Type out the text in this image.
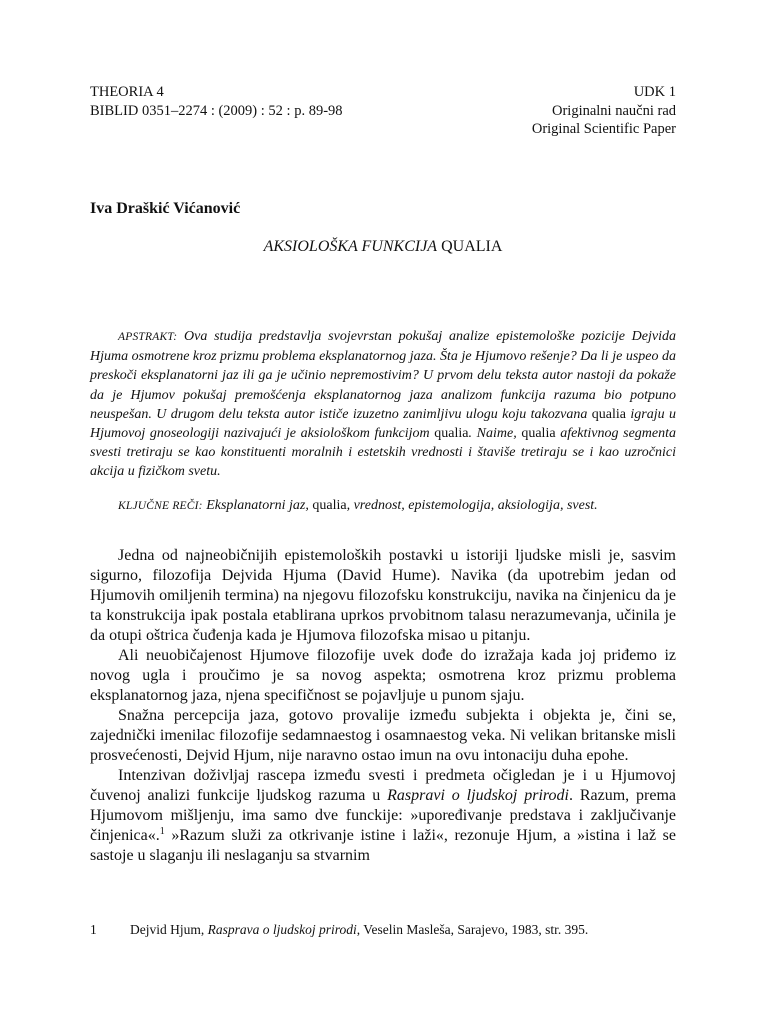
THEORIA 4
BIBLID 0351–2274 : (2009) : 52 : p. 89-98
UDK 1
Originalni naučni rad
Original Scientific Paper
Iva Draškić Vićanović
AKSIOLOŠKA FUNKCIJA QUALIA
APSTRAKT: Ova studija predstavlja svojevrstan pokušaj analize epistemološke pozicije Dejvida Hjuma osmotrene kroz prizmu problema eksplanatornog jaza. Šta je Hjumovo rešenje? Da li je uspeo da preskoči eksplanatorni jaz ili ga je učinio nepremostivim? U prvom delu teksta autor nastoji da pokaže da je Hjumov pokušaj premošćenja eksplanatornog jaza analizom funkcija razuma bio potpuno neuspešan. U drugom delu teksta autor ističe izuzetno zanimljivu ulogu koju takozvana qualia igraju u Hjumovoj gnoseologiji nazivajući je aksiološkom funkcijom qualia. Naime, qualia afektivnog segmenta svesti tretiraju se kao konstituenti moralnih i estetskih vrednosti i štaviše tretiraju se i kao uzročnici akcija u fizičkom svetu.
KLJUČNE REČI: Eksplanatorni jaz, qualia, vrednost, epistemologija, aksiologija, svest.

Jedna od najneobičnijih epistemoloških postavki u istoriji ljudske misli je, sasvim sigurno, filozofija Dejvida Hjuma (David Hume). Navika (da upotrebim jedan od Hjumovih omiljenih termina) na njegovu filozofsku konstrukciju, navika na činjenicu da je ta konstrukcija ipak postala etablirana uprkos prvobitnom talasu nerazumevanja, učinila je da otupi oštrica čuđenja kada je Hjumova filozofska misao u pitanju.

Ali neuobičajenost Hjumove filozofije uvek dođe do izražaja kada joj priđemo iz novog ugla i proučimo je sa novog aspekta; osmotrena kroz prizmu problema eksplanatornog jaza, njena specifičnost se pojavljuje u punom sjaju.

Snažna percepcija jaza, gotovo provalije između subjekta i objekta je, čini se, zajednički imenilac filozofije sedamnaestog i osamnaestog veka. Ni velikan britanske misli prosvećenosti, Dejvid Hjum, nije naravno ostao imun na ovu intonaciju duha epohe.

Intenzivan doživljaj rascepa između svesti i predmeta očigledan je i u Hjumovoj čuvenoj analizi funkcije ljudskog razuma u Raspravi o ljudskoj prirodi. Razum, prema Hjumovom mišljenju, ima samo dve funckije: »upoređivanje predstava i zaključivanje činjenica«.$^1$ »Razum služi za otkrivanje istine i laži«, rezonuje Hjum, a »istina i laž se sastoje u slaganju ili neslaganju sa stvarnim

1 Dejvid Hjum, Rasprava o ljudskoj prirodi, Veselin Masleša, Sarajevo, 1983, str. 395.
